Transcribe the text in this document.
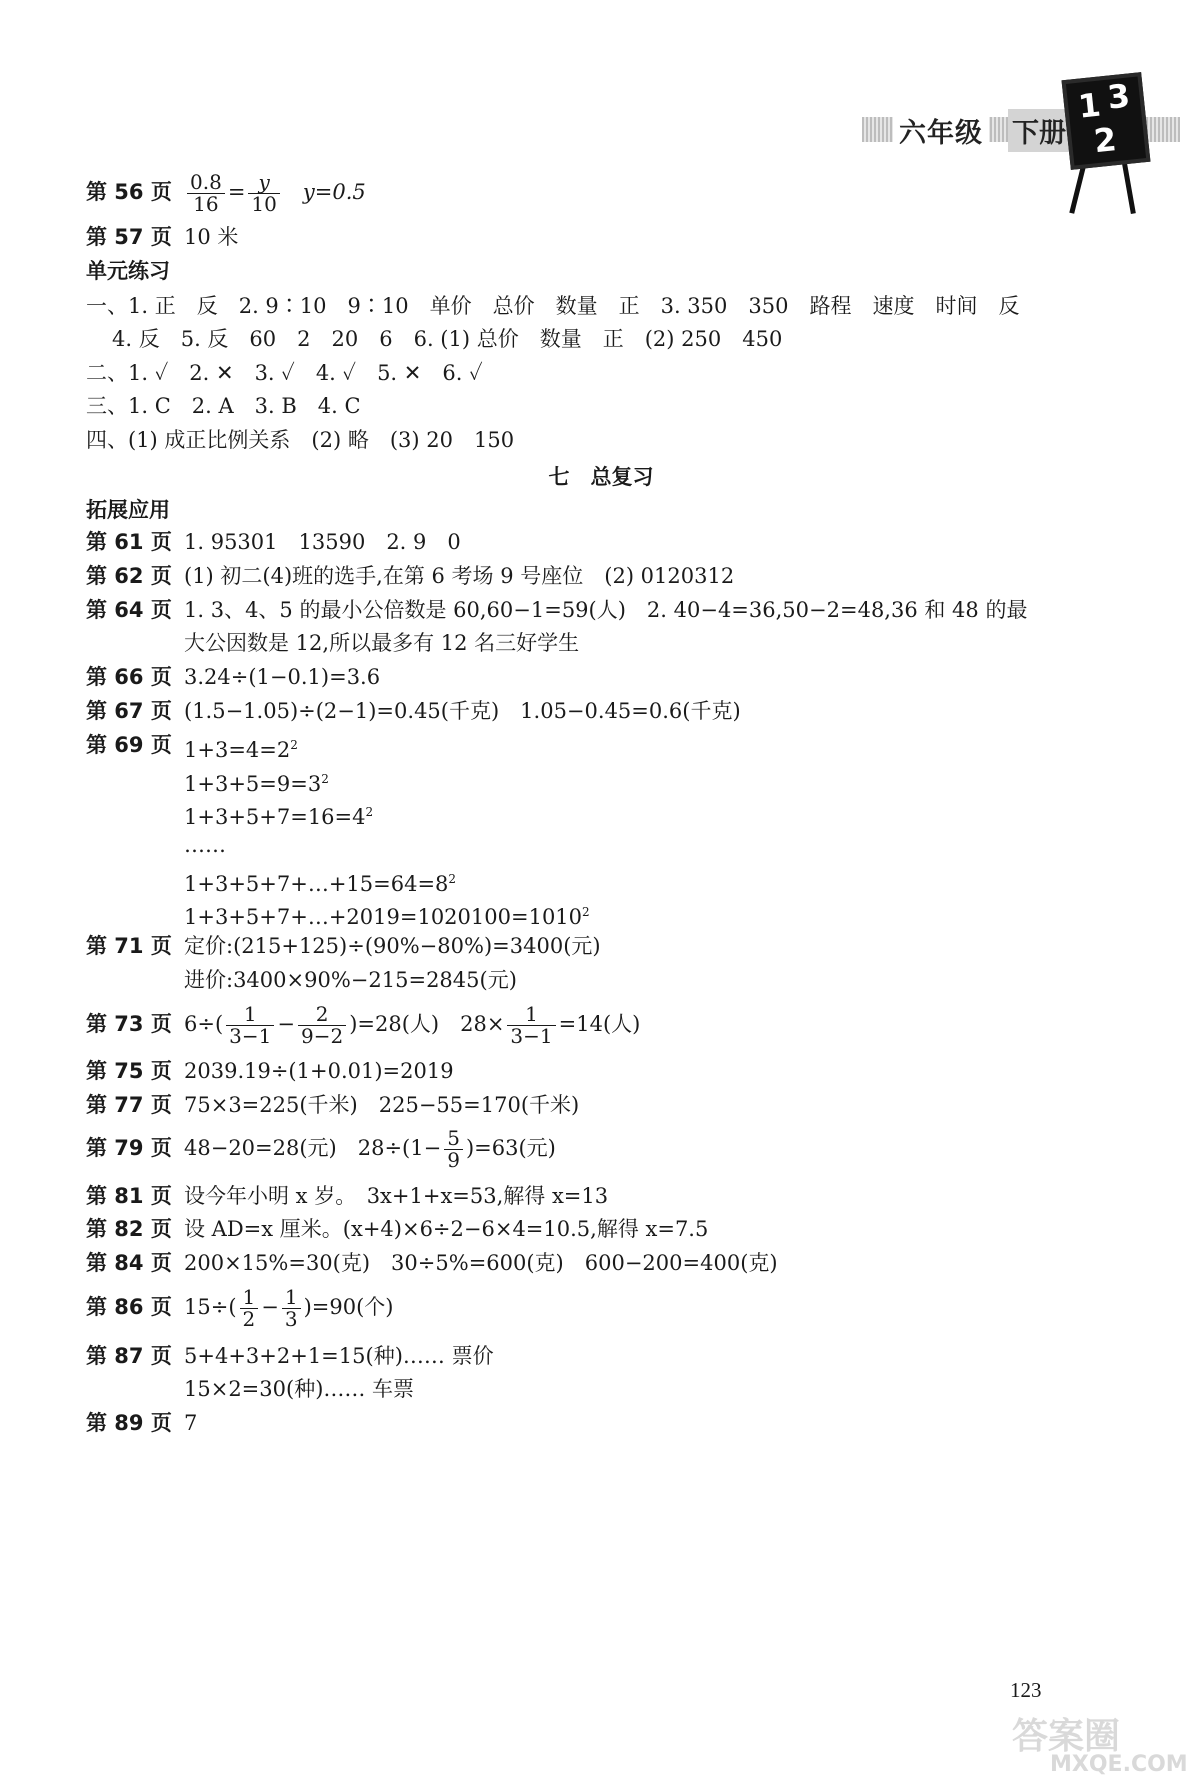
六年级 下册
1 3
2
第 56 页 $\frac{0.8}{16} = \frac{y}{10} y=0.5$
第 57 页 10 米
单元练习
一、1. 正　反　2. 9∶10　9∶10　单价　总价　数量　正　3. 350　350　路程　速度　时间　反
4. 反　5. 反　60　2　20　6　6. (1) 总价　数量　正　(2) 250　450
二、1. ✓　2. ✕　3. ✓　4. ✓　5. ✕　6. ✓
三、1. C　2. A　3. B　4. C
四、(1) 成正比例关系　(2) 略　(3) 20　150
七　总复习
拓展应用
第 61 页 1. 95301　13590　2. 9　0
第 62 页 (1) 初二(4)班的选手,在第 6 考场 9 号座位　(2) 0120312
第 64 页 1. 3、4、5 的最小公倍数是 60,60−1=59(人)　2. 40−4=36,50−2=48,36 和 48 的最
大公因数是 12,所以最多有 12 名三好学生
第 66 页 3.24÷(1−0.1)=3.6
第 67 页 (1.5−1.05)÷(2−1)=0.45(千克)　1.05−0.45=0.6(千克)
第 69 页 $1+3=4=2^2$
$1+3+5=9=3^2$
$1+3+5+7=16=4^2$
……
$1+3+5+7+\dots+15=64=8^2$
$1+3+5+7+\dots+2019=1020100=1010^2$
第 71 页 定价:(215+125)÷(90%−80%)=3400(元)
进价:3400×90%−215=2845(元)
第 73 页 $6\div( \frac{1}{3-1} - \frac{2}{9-2} )=28$(人)　$28\times \frac{1}{3-1} =14$(人)
第 75 页 2039.19÷(1+0.01)=2019
第 77 页 75×3=225(千米)　225−55=170(千米)
第 79 页 48−20=28(元)　$28\div(1- \frac{5}{9} )=63$(元)
第 81 页 设今年小明 x 岁。　3x+1+x=53,解得 x=13
第 82 页 设 AD=x 厘米。(x+4)×6÷2−6×4=10.5,解得 x=7.5
第 84 页 200×15%=30(克)　30÷5%=600(克)　600−200=400(克)
第 86 页 $15\div( \frac{1}{2} - \frac{1}{3} )=90$(个)
第 87 页 5+4+3+2+1=15(种)…… 票价
15×2=30(种)…… 车票
第 89 页 7
123
答案圈
MXQE.COM
